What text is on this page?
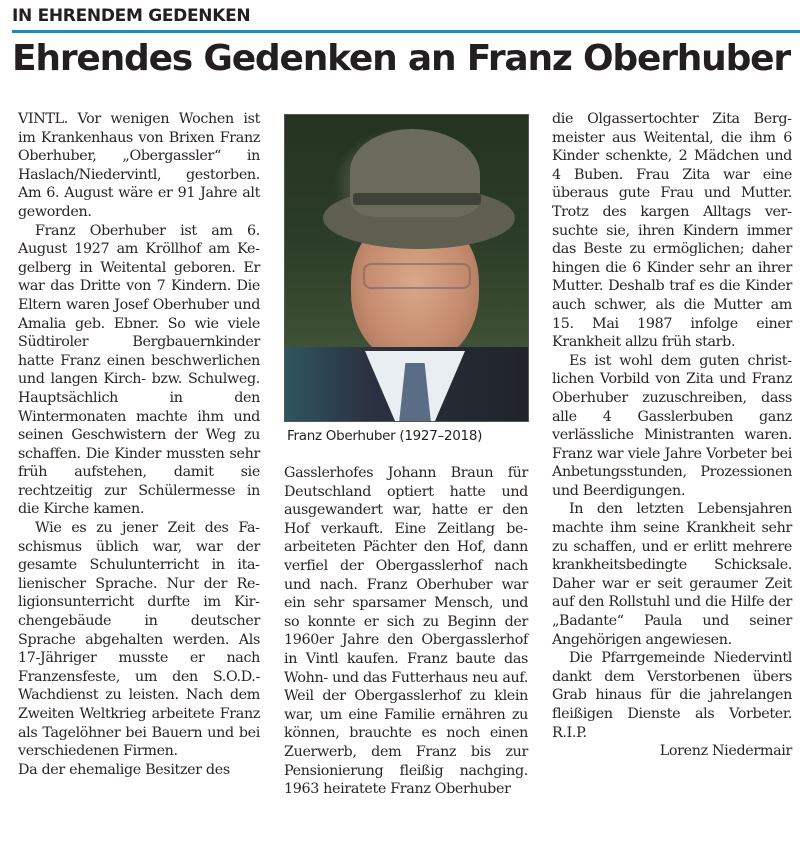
IN EHRENDEM GEDENKEN
Ehrendes Gedenken an Franz Oberhuber

VINTL. Vor wenigen Wochen ist im Krankenhaus von Brixen Franz Oberhuber, „Obergassler“ in Haslach/Niedervintl, gestorben. Am 6. August wäre er 91 Jahre alt geworden.

Franz Oberhuber ist am 6. August 1927 am Kröllhof am Kegelberg in Weitental geboren. Er war das Dritte von 7 Kindern. Die Eltern waren Josef Oberhuber und Amalia geb. Ebner. So wie viele Südtiroler Bergbauernkinder hatte Franz einen beschwerlichen und langen Kirch- bzw. Schulweg. Hauptsächlich in den Wintermonaten machte ihm und seinen Geschwistern der Weg zu schaffen. Die Kinder mussten sehr früh aufstehen, damit sie rechtzeitig zur Schülermesse in die Kirche kamen.

Wie es zu jener Zeit des Faschismus üblich war, war der gesamte Schulunterricht in italienischer Sprache. Nur der Religionsunterricht durfte im Kirchengebäude in deutscher Sprache abgehalten werden. Als 17-Jähriger musste er nach Franzensfeste, um den S.O.D.-Wachdienst zu leisten. Nach dem Zweiten Weltkrieg arbeitete Franz als Tagelöhner bei Bauern und bei verschiedenen Firmen.

Da der ehemalige Besitzer des

Franz Oberhuber (1927–2018)

Gasslerhofes Johann Braun für Deutschland optiert hatte und ausgewandert war, hatte er den Hof verkauft. Eine Zeitlang bearbeiteten Pächter den Hof, dann verfiel der Obergasslerhof nach und nach. Franz Oberhuber war ein sehr sparsamer Mensch, und so konnte er sich zu Beginn der 1960er Jahre den Obergasslerhof in Vintl kaufen. Franz baute das Wohn- und das Futterhaus neu auf. Weil der Obergasslerhof zu klein war, um eine Familie ernähren zu können, brauchte es noch einen Zuerwerb, dem Franz bis zur Pensionierung fleißig nachging. 1963 heiratete Franz Oberhuber

die Olgassertochter Zita Bergmeister aus Weitental, die ihm 6 Kinder schenkte, 2 Mädchen und 4 Buben. Frau Zita war eine überaus gute Frau und Mutter. Trotz des kargen Alltags versuchte sie, ihren Kindern immer das Beste zu ermöglichen; daher hingen die 6 Kinder sehr an ihrer Mutter. Deshalb traf es die Kinder auch schwer, als die Mutter am 15. Mai 1987 infolge einer Krankheit allzu früh starb.

Es ist wohl dem guten christlichen Vorbild von Zita und Franz Oberhuber zuzuschreiben, dass alle 4 Gasslerbuben ganz verlässliche Ministranten waren. Franz war viele Jahre Vorbeter bei Anbetungsstunden, Prozessionen und Beerdigungen.

In den letzten Lebensjahren machte ihm seine Krankheit sehr zu schaffen, und er erlitt mehrere krankheitsbedingte Schicksale. Daher war er seit geraumer Zeit auf den Rollstuhl und die Hilfe der „Badante“ Paula und seiner Angehörigen angewiesen.

Die Pfarrgemeinde Niedervintl dankt dem Verstorbenen übers Grab hinaus für die jahrelangen fleißigen Dienste als Vorbeter. R.I.P.

Lorenz Niedermair
